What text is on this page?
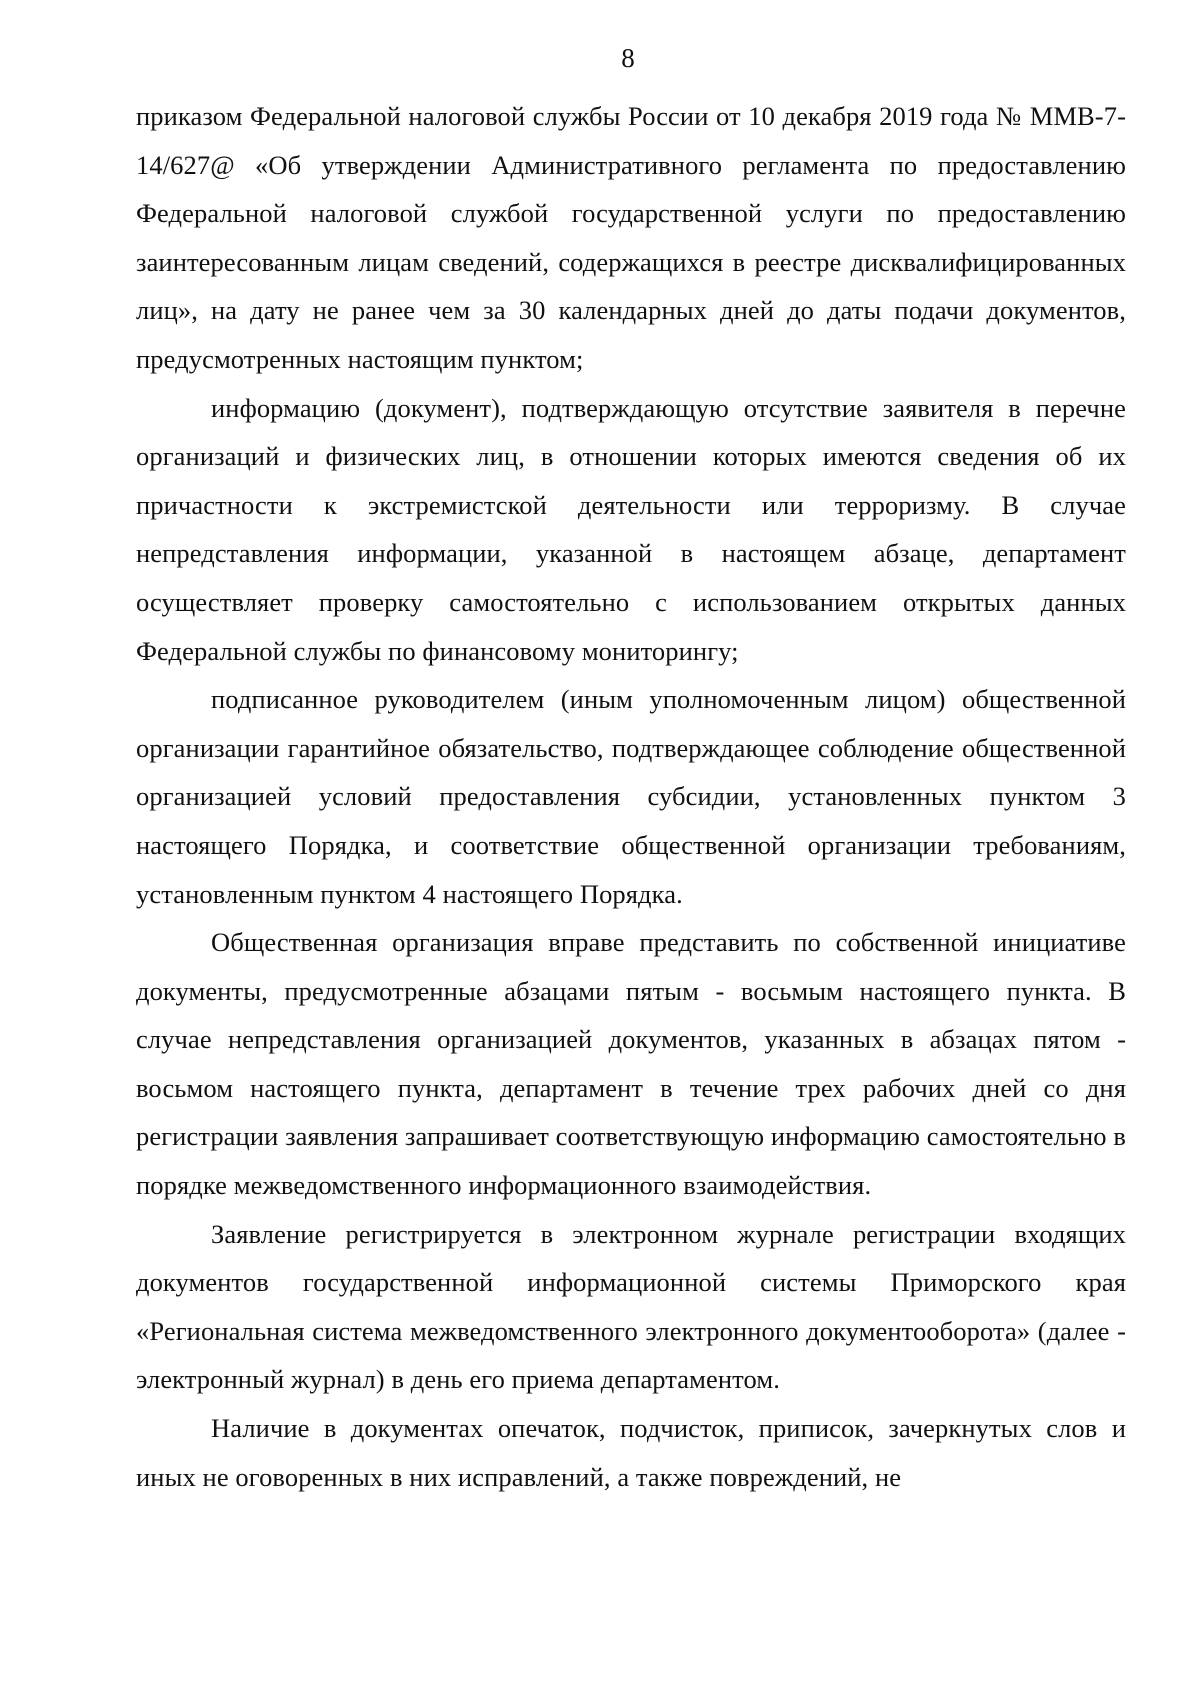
8

приказом Федеральной налоговой службы России от 10 декабря 2019 года № ММВ-7-14/627@ «Об утверждении Административного регламента по предоставлению Федеральной налоговой службой государственной услуги по предоставлению заинтересованным лицам сведений, содержащихся в реестре дисквалифицированных лиц», на дату не ранее чем за 30 календарных дней до даты подачи документов, предусмотренных настоящим пунктом;

информацию (документ), подтверждающую отсутствие заявителя в перечне организаций и физических лиц, в отношении которых имеются сведения об их причастности к экстремистской деятельности или терроризму. В случае непредставления информации, указанной в настоящем абзаце, департамент осуществляет проверку самостоятельно с использованием открытых данных Федеральной службы по финансовому мониторингу;

подписанное руководителем (иным уполномоченным лицом) общественной организации гарантийное обязательство, подтверждающее соблюдение общественной организацией условий предоставления субсидии, установленных пунктом 3 настоящего Порядка, и соответствие общественной организации требованиям, установленным пунктом 4 настоящего Порядка.

Общественная организация вправе представить по собственной инициативе документы, предусмотренные абзацами пятым - восьмым настоящего пункта. В случае непредставления организацией документов, указанных в абзацах пятом - восьмом настоящего пункта, департамент в течение трех рабочих дней со дня регистрации заявления запрашивает соответствующую информацию самостоятельно в порядке межведомственного информационного взаимодействия.

Заявление регистрируется в электронном журнале регистрации входящих документов государственной информационной системы Приморского края «Региональная система межведомственного электронного документооборота» (далее - электронный журнал) в день его приема департаментом.

Наличие в документах опечаток, подчисток, приписок, зачеркнутых слов и иных не оговоренных в них исправлений, а также повреждений, не
